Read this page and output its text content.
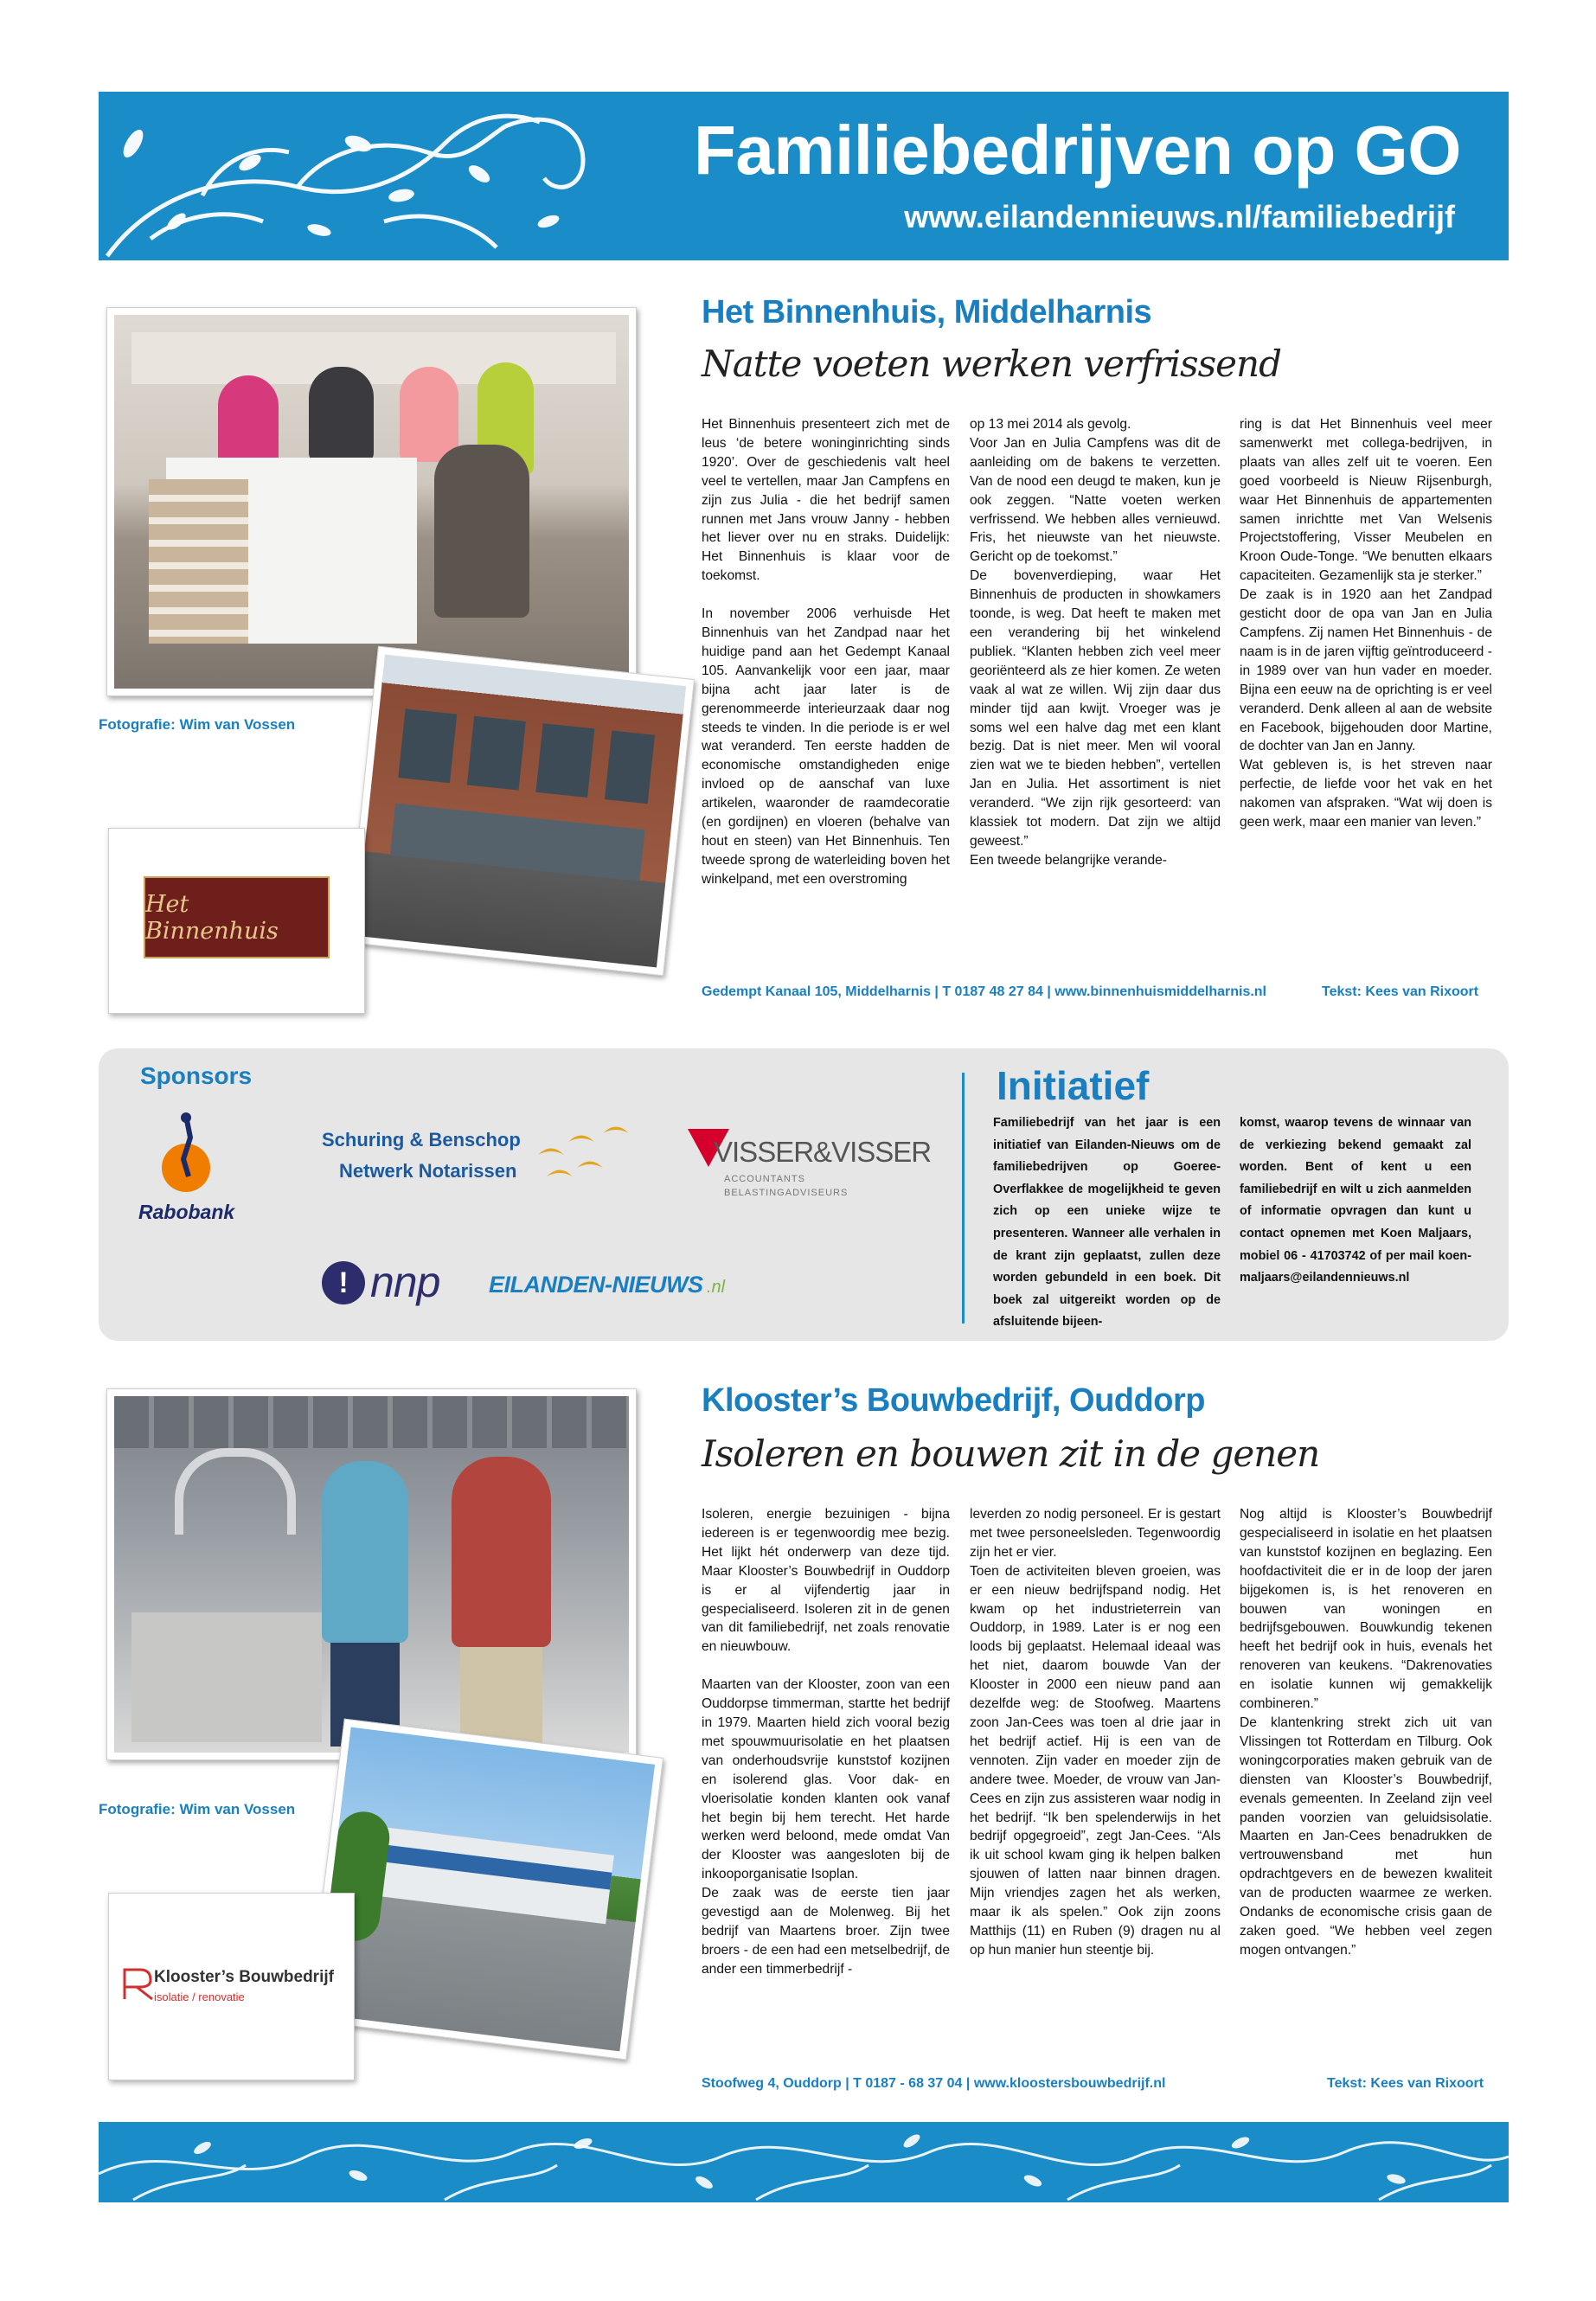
Familiebedrijven op GO
www.eilandennieuws.nl/familiebedrijf
Fotografie: Wim van Vossen
Het Binnenhuis
Het Binnenhuis, Middelharnis
Natte voeten werken verfrissend
Het Binnenhuis presenteert zich met de leus ‘de betere woninginrichting sinds 1920’. Over de geschiedenis valt heel veel te vertellen, maar Jan Campfens en zijn zus Julia - die het bedrijf samen runnen met Jans vrouw Janny - hebben het liever over nu en straks. Duidelijk: Het Binnenhuis is klaar voor de toekomst.

In november 2006 verhuisde Het Binnenhuis van het Zandpad naar het huidige pand aan het Gedempt Kanaal 105. Aanvankelijk voor een jaar, maar bijna acht jaar later is de gerenommeerde interieurzaak daar nog steeds te vinden. In die periode is er wel wat veranderd. Ten eerste hadden de economische omstandigheden enige invloed op de aanschaf van luxe artikelen, waaronder de raamdecoratie (en gordijnen) en vloeren (behalve van hout en steen) van Het Binnenhuis. Ten tweede sprong de waterleiding boven het winkelpand, met een overstroming
op 13 mei 2014 als gevolg.
Voor Jan en Julia Campfens was dit de aanleiding om de bakens te verzetten. Van de nood een deugd te maken, kun je ook zeggen. “Natte voeten werken verfrissend. We hebben alles vernieuwd. Fris, het nieuwste van het nieuwste. Gericht op de toekomst.”
De bovenverdieping, waar Het Binnenhuis de producten in showkamers toonde, is weg. Dat heeft te maken met een verandering bij het winkelend publiek. “Klanten hebben zich veel meer georiënteerd als ze hier komen. Ze weten vaak al wat ze willen. Wij zijn daar dus minder tijd aan kwijt. Vroeger was je soms wel een halve dag met een klant bezig. Dat is niet meer. Men wil vooral zien wat we te bieden hebben”, vertellen Jan en Julia. Het assortiment is niet veranderd. “We zijn rijk gesorteerd: van klassiek tot modern. Dat zijn we altijd geweest.”
Een tweede belangrijke verande-
ring is dat Het Binnenhuis veel meer samenwerkt met collega-bedrijven, in plaats van alles zelf uit te voeren. Een goed voorbeeld is Nieuw Rijsenburgh, waar Het Binnenhuis de appartementen samen inrichtte met Van Welsenis Projectstoffering, Visser Meubelen en Kroon Oude-Tonge. “We benutten elkaars capaciteiten. Gezamenlijk sta je sterker.”
De zaak is in 1920 aan het Zandpad gesticht door de opa van Jan en Julia Campfens. Zij namen Het Binnenhuis - de naam is in de jaren vijftig geïntroduceerd - in 1989 over van hun vader en moeder. Bijna een eeuw na de oprichting is er veel veranderd. Denk alleen al aan de website en Facebook, bijgehouden door Martine, de dochter van Jan en Janny.
Wat gebleven is, is het streven naar perfectie, de liefde voor het vak en het nakomen van afspraken. “Wat wij doen is geen werk, maar een manier van leven.”
Gedempt Kanaal 105, Middelharnis | T 0187 48 27 84 | www.binnenhuismiddelharnis.nl	Tekst: Kees van Rixoort
Sponsors
Rabobank
Schuring & Benschop
Netwerk Notarissen
VISSER&VISSER
ACCOUNTANTS
BELASTINGADVISEURS
! nnp EILANDEN-NIEUWS .nl
Initiatief
Familiebedrijf van het jaar is een initiatief van Eilanden-Nieuws om de familiebedrijven op Goeree-Overflakkee de mogelijkheid te geven zich op een unieke wijze te presenteren. Wanneer alle verhalen in de krant zijn geplaatst, zullen deze worden gebundeld in een boek. Dit boek zal uitgereikt worden op de afsluitende bijeen-
komst, waarop tevens de winnaar van de verkiezing bekend gemaakt zal worden. Bent of kent u een familiebedrijf en wilt u zich aanmelden of informatie opvragen dan kunt u contact opnemen met Koen Maljaars, mobiel 06 - 41703742 of per mail koen-maljaars@eilandennieuws.nl
Fotografie: Wim van Vossen
Klooster’s Bouwbedrijf
isolatie / renovatie
Klooster’s Bouwbedrijf, Ouddorp
Isoleren en bouwen zit in de genen
Isoleren, energie bezuinigen - bijna iedereen is er tegenwoordig mee bezig. Het lijkt hét onderwerp van deze tijd. Maar Klooster’s Bouwbedrijf in Ouddorp is er al vijfendertig jaar in gespecialiseerd. Isoleren zit in de genen van dit familiebedrijf, net zoals renovatie en nieuwbouw.

Maarten van der Klooster, zoon van een Ouddorpse timmerman, startte het bedrijf in 1979. Maarten hield zich vooral bezig met spouwmuurisolatie en het plaatsen van onderhoudsvrije kunststof kozijnen en isolerend glas. Voor dak- en vloerisolatie konden klanten ook vanaf het begin bij hem terecht. Het harde werken werd beloond, mede omdat Van der Klooster was aangesloten bij de inkooporganisatie Isoplan.
De zaak was de eerste tien jaar gevestigd aan de Molenweg. Bij het bedrijf van Maartens broer. Zijn twee broers - de een had een metselbedrijf, de ander een timmerbedrijf -
leverden zo nodig personeel. Er is gestart met twee personeelsleden. Tegenwoordig zijn het er vier.
Toen de activiteiten bleven groeien, was er een nieuw bedrijfspand nodig. Het kwam op het industrieterrein van Ouddorp, in 1989. Later is er nog een loods bij geplaatst. Helemaal ideaal was het niet, daarom bouwde Van der Klooster in 2000 een nieuw pand aan dezelfde weg: de Stoofweg. Maartens zoon Jan-Cees was toen al drie jaar in het bedrijf actief. Hij is een van de vennoten. Zijn vader en moeder zijn de andere twee. Moeder, de vrouw van Jan-Cees en zijn zus assisteren waar nodig in het bedrijf. “Ik ben spelenderwijs in het bedrijf opgegroeid”, zegt Jan-Cees. “Als ik uit school kwam ging ik helpen balken sjouwen of latten naar binnen dragen. Mijn vriendjes zagen het als werken, maar ik als spelen.” Ook zijn zoons Matthijs (11) en Ruben (9) dragen nu al op hun manier hun steentje bij.
Nog altijd is Klooster’s Bouwbedrijf gespecialiseerd in isolatie en het plaatsen van kunststof kozijnen en beglazing. Een hoofdactiviteit die er in de loop der jaren bijgekomen is, is het renoveren en bouwen van woningen en bedrijfsgebouwen. Bouwkundig tekenen heeft het bedrijf ook in huis, evenals het renoveren van keukens. “Dakrenovaties en isolatie kunnen wij gemakkelijk combineren.”
De klantenkring strekt zich uit van Vlissingen tot Rotterdam en Tilburg. Ook woningcorporaties maken gebruik van de diensten van Klooster’s Bouwbedrijf, evenals gemeenten. In Zeeland zijn veel panden voorzien van geluidsisolatie. Maarten en Jan-Cees benadrukken de vertrouwensband met hun opdrachtgevers en de bewezen kwaliteit van de producten waarmee ze werken. Ondanks de economische crisis gaan de zaken goed. “We hebben veel zegen mogen ontvangen.”
Stoofweg 4, Ouddorp | T 0187 - 68 37 04 | www.kloostersbouwbedrijf.nl	Tekst: Kees van Rixoort
